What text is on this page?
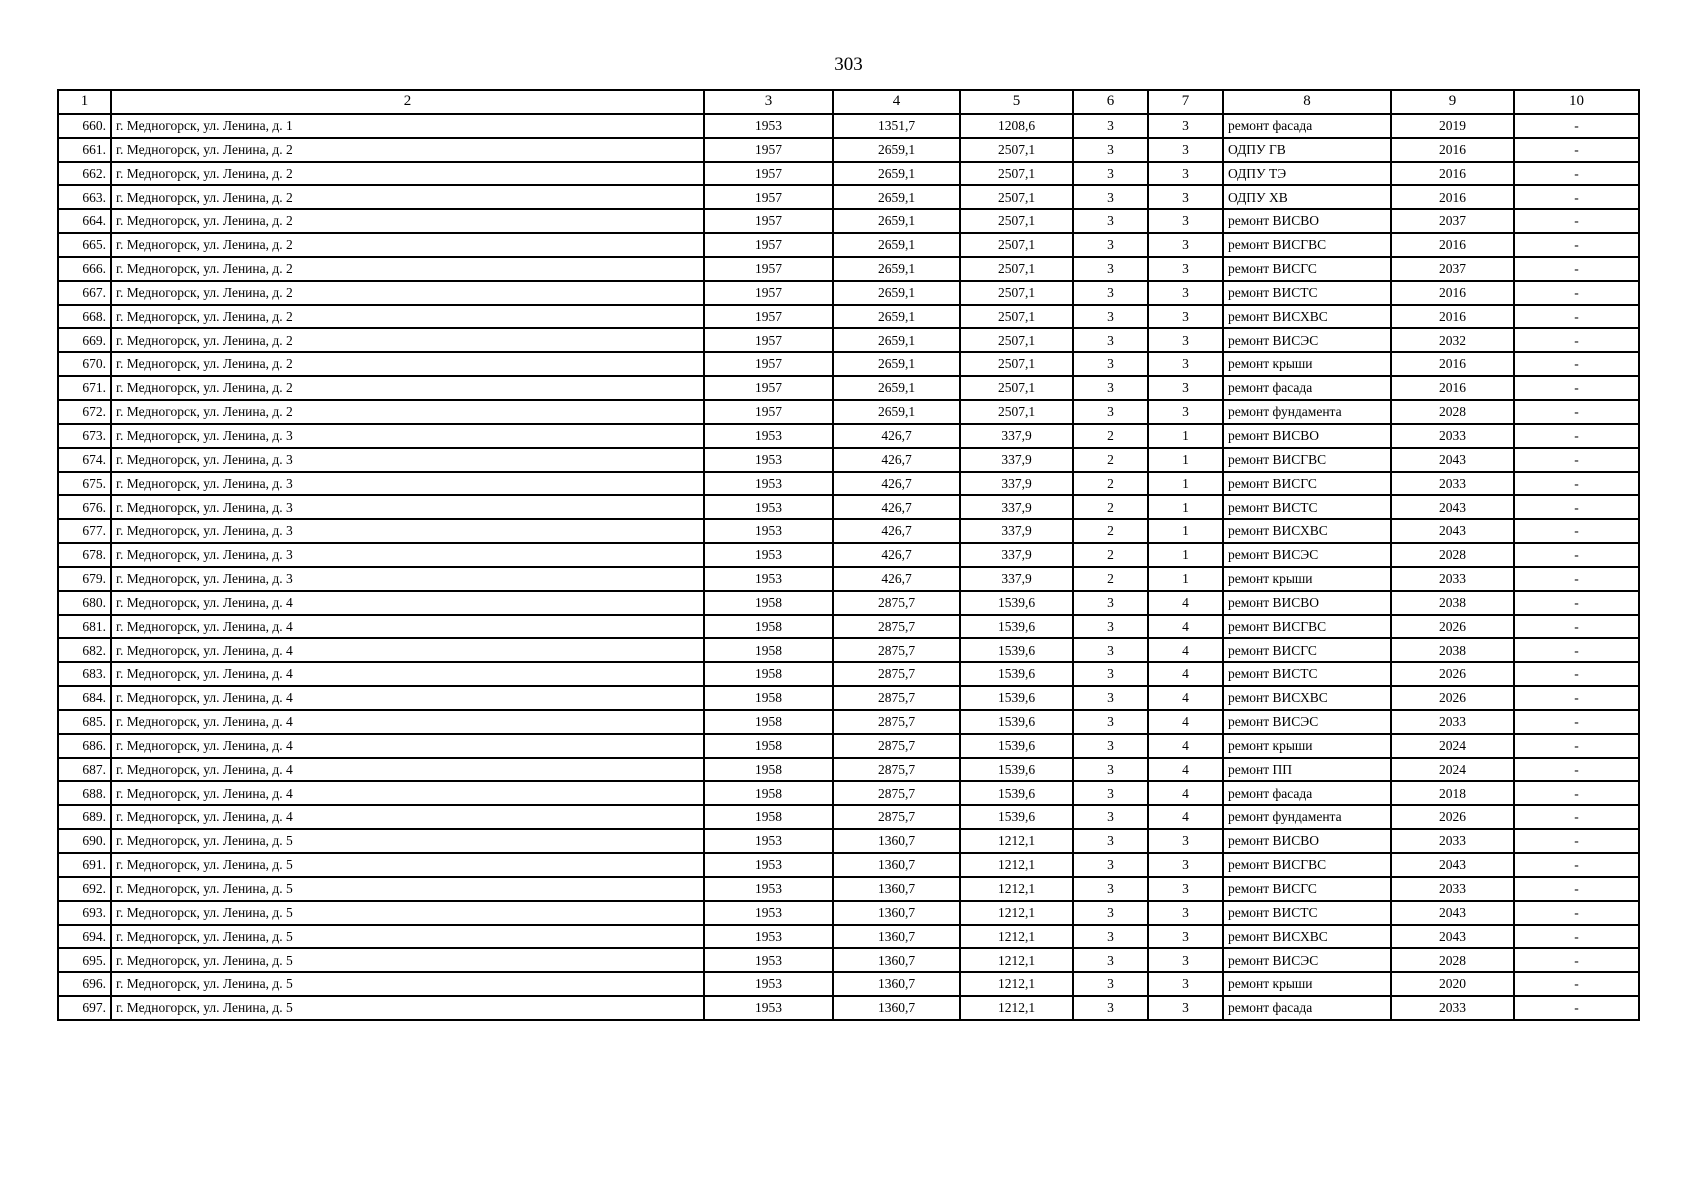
303
1	2	3	4	5	6	7	8	9	10
660.	г. Медногорск, ул. Ленина, д. 1	1953	1351,7	1208,6	3	3	ремонт фасада	2019	-
661.	г. Медногорск, ул. Ленина, д. 2	1957	2659,1	2507,1	3	3	ОДПУ ГВ	2016	-
662.	г. Медногорск, ул. Ленина, д. 2	1957	2659,1	2507,1	3	3	ОДПУ ТЭ	2016	-
663.	г. Медногорск, ул. Ленина, д. 2	1957	2659,1	2507,1	3	3	ОДПУ ХВ	2016	-
664.	г. Медногорск, ул. Ленина, д. 2	1957	2659,1	2507,1	3	3	ремонт ВИСВО	2037	-
665.	г. Медногорск, ул. Ленина, д. 2	1957	2659,1	2507,1	3	3	ремонт ВИСГВС	2016	-
666.	г. Медногорск, ул. Ленина, д. 2	1957	2659,1	2507,1	3	3	ремонт ВИСГС	2037	-
667.	г. Медногорск, ул. Ленина, д. 2	1957	2659,1	2507,1	3	3	ремонт ВИСТС	2016	-
668.	г. Медногорск, ул. Ленина, д. 2	1957	2659,1	2507,1	3	3	ремонт ВИСХВС	2016	-
669.	г. Медногорск, ул. Ленина, д. 2	1957	2659,1	2507,1	3	3	ремонт ВИСЭС	2032	-
670.	г. Медногорск, ул. Ленина, д. 2	1957	2659,1	2507,1	3	3	ремонт крыши	2016	-
671.	г. Медногорск, ул. Ленина, д. 2	1957	2659,1	2507,1	3	3	ремонт фасада	2016	-
672.	г. Медногорск, ул. Ленина, д. 2	1957	2659,1	2507,1	3	3	ремонт фундамента	2028	-
673.	г. Медногорск, ул. Ленина, д. 3	1953	426,7	337,9	2	1	ремонт ВИСВО	2033	-
674.	г. Медногорск, ул. Ленина, д. 3	1953	426,7	337,9	2	1	ремонт ВИСГВС	2043	-
675.	г. Медногорск, ул. Ленина, д. 3	1953	426,7	337,9	2	1	ремонт ВИСГС	2033	-
676.	г. Медногорск, ул. Ленина, д. 3	1953	426,7	337,9	2	1	ремонт ВИСТС	2043	-
677.	г. Медногорск, ул. Ленина, д. 3	1953	426,7	337,9	2	1	ремонт ВИСХВС	2043	-
678.	г. Медногорск, ул. Ленина, д. 3	1953	426,7	337,9	2	1	ремонт ВИСЭС	2028	-
679.	г. Медногорск, ул. Ленина, д. 3	1953	426,7	337,9	2	1	ремонт крыши	2033	-
680.	г. Медногорск, ул. Ленина, д. 4	1958	2875,7	1539,6	3	4	ремонт ВИСВО	2038	-
681.	г. Медногорск, ул. Ленина, д. 4	1958	2875,7	1539,6	3	4	ремонт ВИСГВС	2026	-
682.	г. Медногорск, ул. Ленина, д. 4	1958	2875,7	1539,6	3	4	ремонт ВИСГС	2038	-
683.	г. Медногорск, ул. Ленина, д. 4	1958	2875,7	1539,6	3	4	ремонт ВИСТС	2026	-
684.	г. Медногорск, ул. Ленина, д. 4	1958	2875,7	1539,6	3	4	ремонт ВИСХВС	2026	-
685.	г. Медногорск, ул. Ленина, д. 4	1958	2875,7	1539,6	3	4	ремонт ВИСЭС	2033	-
686.	г. Медногорск, ул. Ленина, д. 4	1958	2875,7	1539,6	3	4	ремонт крыши	2024	-
687.	г. Медногорск, ул. Ленина, д. 4	1958	2875,7	1539,6	3	4	ремонт ПП	2024	-
688.	г. Медногорск, ул. Ленина, д. 4	1958	2875,7	1539,6	3	4	ремонт фасада	2018	-
689.	г. Медногорск, ул. Ленина, д. 4	1958	2875,7	1539,6	3	4	ремонт фундамента	2026	-
690.	г. Медногорск, ул. Ленина, д. 5	1953	1360,7	1212,1	3	3	ремонт ВИСВО	2033	-
691.	г. Медногорск, ул. Ленина, д. 5	1953	1360,7	1212,1	3	3	ремонт ВИСГВС	2043	-
692.	г. Медногорск, ул. Ленина, д. 5	1953	1360,7	1212,1	3	3	ремонт ВИСГС	2033	-
693.	г. Медногорск, ул. Ленина, д. 5	1953	1360,7	1212,1	3	3	ремонт ВИСТС	2043	-
694.	г. Медногорск, ул. Ленина, д. 5	1953	1360,7	1212,1	3	3	ремонт ВИСХВС	2043	-
695.	г. Медногорск, ул. Ленина, д. 5	1953	1360,7	1212,1	3	3	ремонт ВИСЭС	2028	-
696.	г. Медногорск, ул. Ленина, д. 5	1953	1360,7	1212,1	3	3	ремонт крыши	2020	-
697.	г. Медногорск, ул. Ленина, д. 5	1953	1360,7	1212,1	3	3	ремонт фасада	2033	-
